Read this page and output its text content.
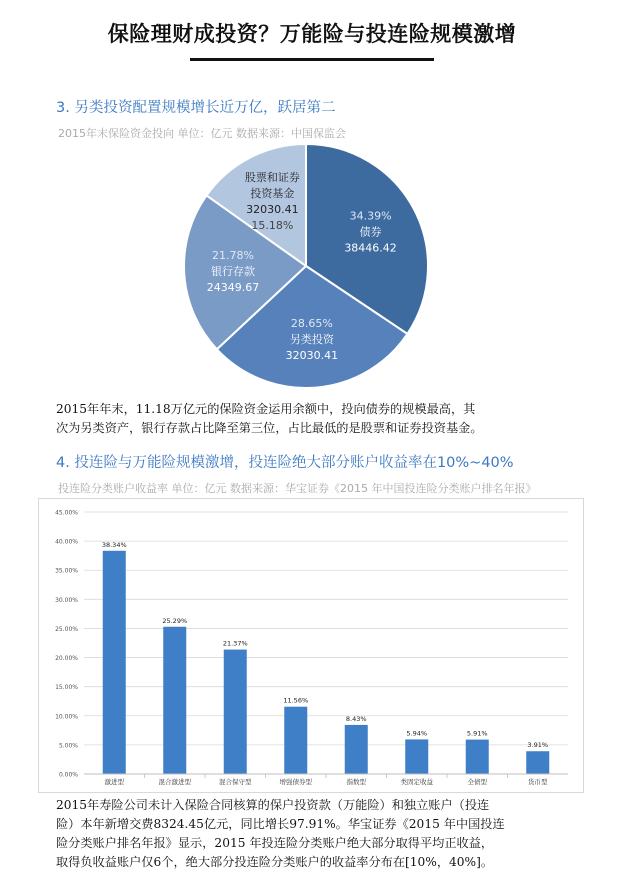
保险理财成投资？万能险与投连险规模激增
3. 另类投资配置规模增长近万亿，跃居第二
2015年末保险资金投向 单位：亿元 数据来源：中国保监会
34.39%
债券
38446.42
28.65%
另类投资
32030.41
21.78%
银行存款
24349.67
股票和证券
投资基金
32030.41
15.18%
2015年年末，11.18万亿元的保险资金运用余额中，投向债券的规模最高，其
次为另类资产，银行存款占比降至第三位，占比最低的是股票和证券投资基金。
4. 投连险与万能险规模激增，投连险绝大部分账户收益率在10%~40%
投连险分类账户收益率 单位：亿元 数据来源：华宝证券《2015 年中国投连险分类账户排名年报》
0.00%
5.00%
10.00%
15.00%
20.00%
25.00%
30.00%
35.00%
40.00%
45.00%
38.34%
激进型
25.29%
混合激进型
21.37%
混合保守型
11.56%
增强债券型
8.43%
指数型
5.94%
类固定收益
5.91%
全债型
3.91%
货币型
2015年寿险公司未计入保险合同核算的保户投资款（万能险）和独立账户（投连
险）本年新增交费8324.45亿元，同比增长97.91%。华宝证券《2015 年中国投连
险分类账户排名年报》显示，2015 年投连险分类账户绝大部分取得平均正收益，
取得负收益账户仅6个，绝大部分投连险分类账户的收益率分布在[10%，40%]。
